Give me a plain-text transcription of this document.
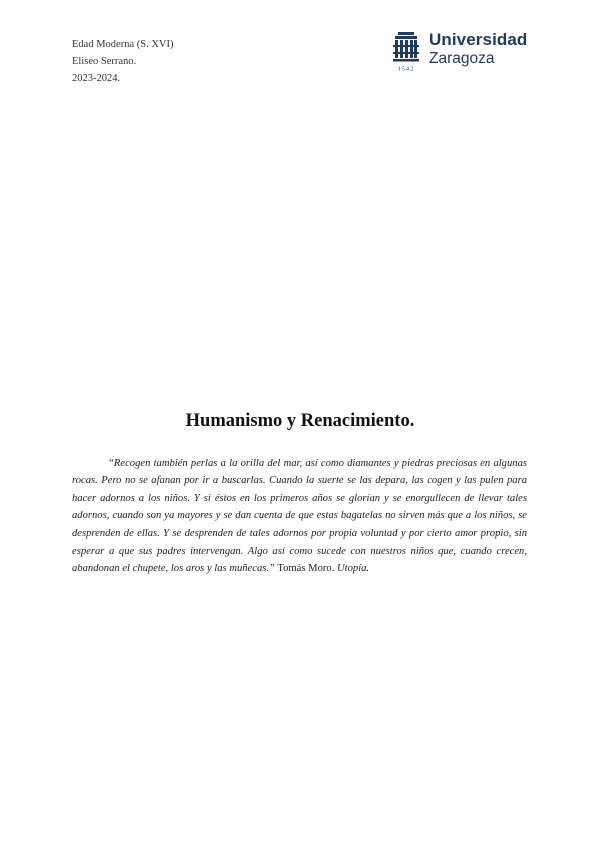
Edad Moderna (S. XVI)
Eliseo Serrano.
2023-2024.
1542
Universidad
Zaragoza
Humanismo y Renacimiento.

“Recogen también perlas a la orilla del mar, así como diamantes y piedras preciosas en algunas rocas. Pero no se afanan por ir a buscarlas. Cuando la suerte se las depara, las cogen y las pulen para hacer adornos a los niños. Y si éstos en los primeros años se glorían y se enorgullecen de llevar tales adornos, cuando son ya mayores y se dan cuenta de que estas bagatelas no sirven más que a los niños, se desprenden de ellas. Y se desprenden de tales adornos por propia voluntad y por cierto amor propio, sin esperar a que sus padres intervengan. Algo así como sucede con nuestros niños que, cuando crecen, abandonan el chupete, los aros y las muñecas.” Tomás Moro. Utopía.
